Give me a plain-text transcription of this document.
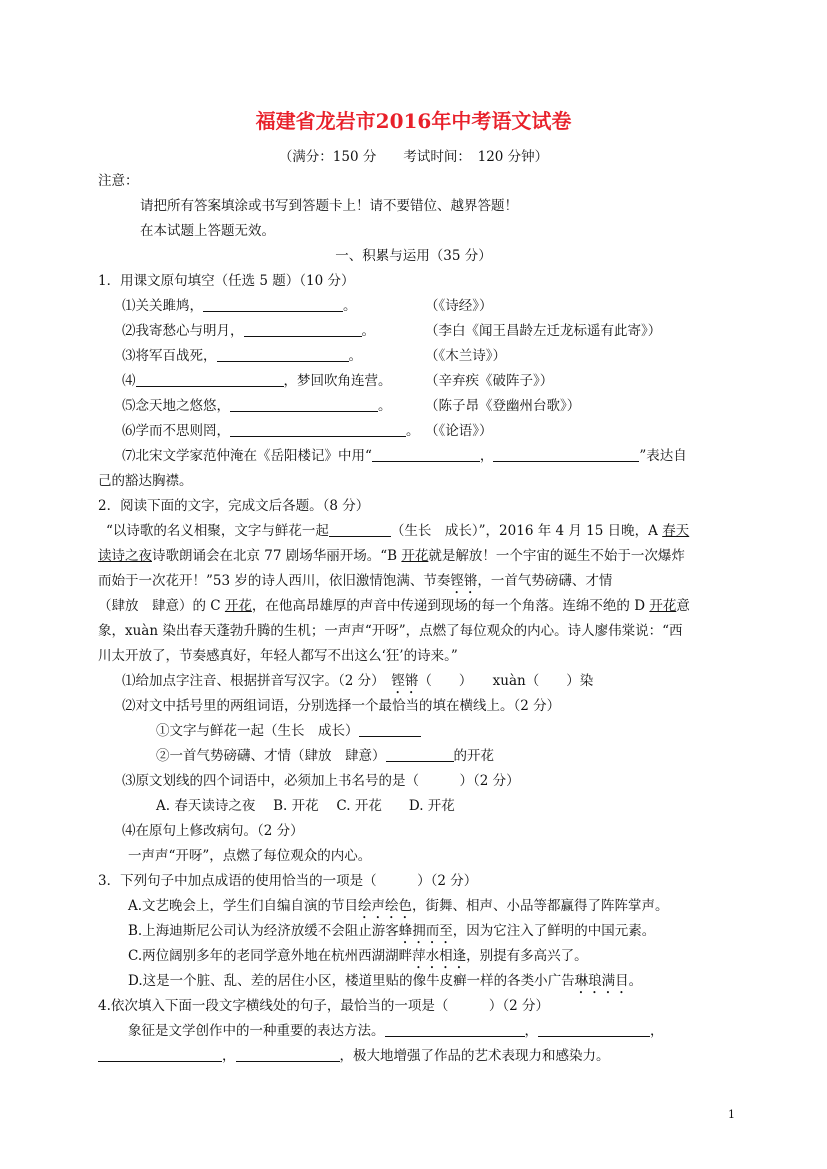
福建省龙岩市2016年中考语文试卷
（满分：150 分　　考试时间：　120 分钟）
注意：
请把所有答案填涂或书写到答题卡上！请不要错位、越界答题！
在本试题上答题无效。
一、积累与运用（35 分）
1．用课文原句填空（任选 5 题）（10 分）
⑴关关雎鸠，	。	（《诗经》）
⑵我寄愁心与明月，	。	（李白《闻王昌龄左迁龙标遥有此寄》）
⑶将军百战死，	。	（《木兰诗》）
⑷	，梦回吹角连营。 （辛弃疾《破阵子》）
⑸念天地之悠悠，	。 （陈子昂《登幽州台歌》）
⑹学而不思则罔，	。 （《论语》）
⑺北宋文学家范仲淹在《岳阳楼记》中用“	，	”表达自
己的豁达胸襟。
2．阅读下面的文字，完成文后各题。（8 分）
“以诗歌的名义相聚，文字与鲜花一起	（生长　成长）”，2016 年 4 月 15 日晚，A 春天
读诗之夜诗歌朗诵会在北京 77 剧场华丽开场。“B 开花就是解放！一个宇宙的诞生不始于一次爆炸
而始于一次花开！”53 岁的诗人西川，依旧激情饱满、节奏铿锵，一首气势磅礴、才情
（肆放　肆意）的 C 开花，在他高昂雄厚的声音中传递到现场的每一个角落。连绵不绝的 D 开花意
象，xuàn 染出春天蓬勃升腾的生机；一声声“开呀”，点燃了每位观众的内心。诗人廖伟棠说：“西
川太开放了，节奏感真好，年轻人都写不出这么‘狂’的诗来。”
⑴给加点字注音、根据拼音写汉字。（2 分）　铿锵（　　）　　xuàn（　　）染
⑵对文中括号里的两组词语，分别选择一个最恰当的填在横线上。（2 分）
①文字与鲜花一起（生长　成长）
②一首气势磅礴、才情（肆放　肆意）	的开花
⑶原文划线的四个词语中，必须加上书名号的是（　　　）（2 分）
A. 春天读诗之夜　 B. 开花　 C. 开花　　D. 开花
⑷在原句上修改病句。（2 分）
一声声“开呀”，点燃了每位观众的内心。
3．下列句子中加点成语的使用恰当的一项是（　　　）（2 分）
A.文艺晚会上，学生们自编自演的节目绘声绘色，街舞、相声、小品等都赢得了阵阵掌声。
B.上海迪斯尼公司认为经济放缓不会阻止游客蜂拥而至，因为它注入了鲜明的中国元素。
C.两位阔别多年的老同学意外地在杭州西湖湖畔萍水相逢，别提有多高兴了。
D.这是一个脏、乱、差的居住小区，楼道里贴的像牛皮癣一样的各类小广告琳琅满目。
4.依次填入下面一段文字横线处的句子，最恰当的一项是（　　　）（2 分）
象征是文学创作中的一种重要的表达方法。	，	，
，	，极大地增强了作品的艺术表现力和感染力。
1
